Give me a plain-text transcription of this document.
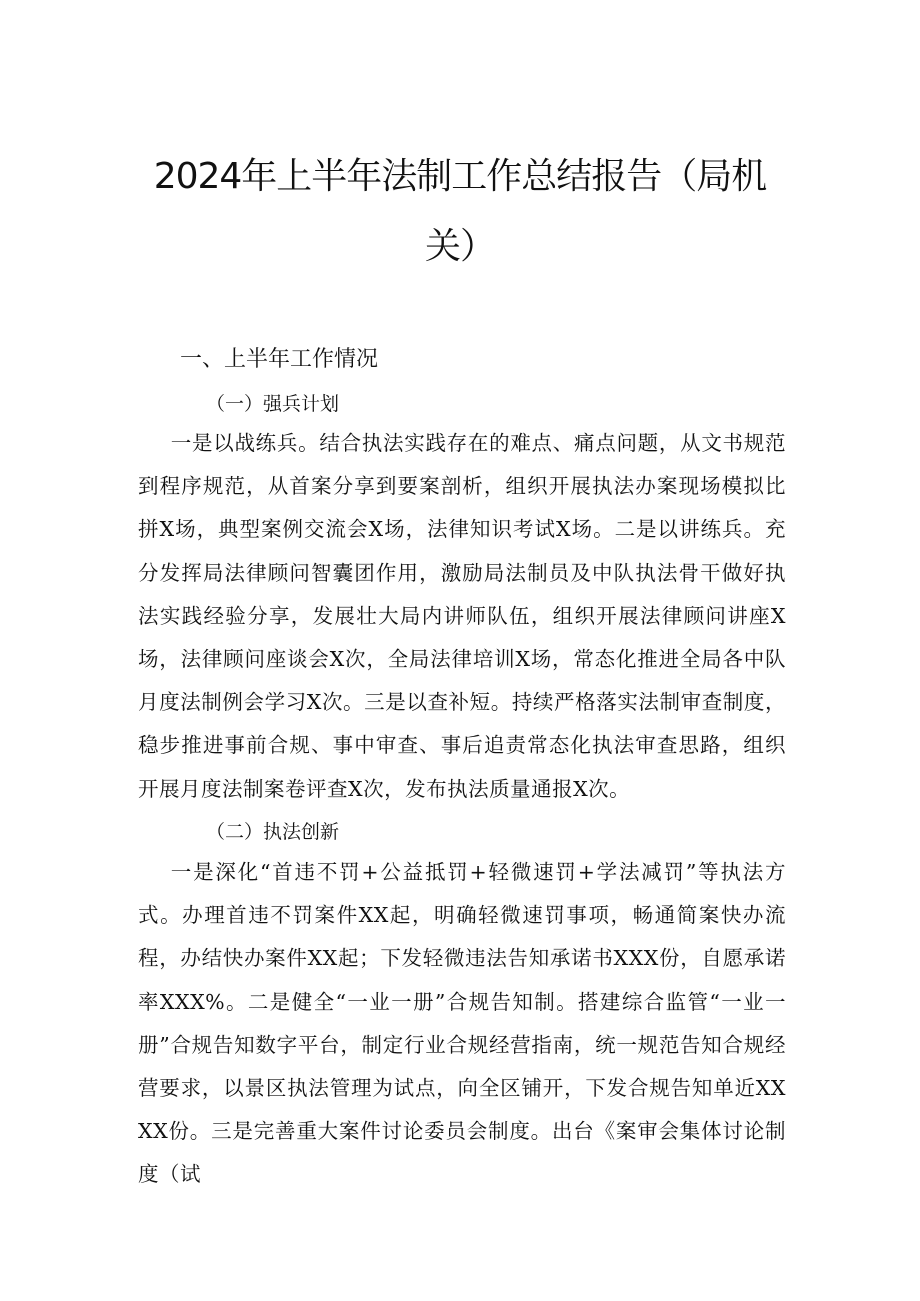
2024年上半年法制工作总结报告（局机关）
一、上半年工作情况
（一）强兵计划

一是以战练兵。结合执法实践存在的难点、痛点问题，从文书规范到程序规范，从首案分享到要案剖析，组织开展执法办案现场模拟比拼X场，典型案例交流会X场，法律知识考试X场。二是以讲练兵。充分发挥局法律顾问智囊团作用，激励局法制员及中队执法骨干做好执法实践经验分享，发展壮大局内讲师队伍，组织开展法律顾问讲座X场，法律顾问座谈会X次，全局法律培训X场，常态化推进全局各中队月度法制例会学习X次。三是以查补短。持续严格落实法制审查制度，稳步推进事前合规、事中审查、事后追责常态化执法审查思路，组织开展月度法制案卷评查X次，发布执法质量通报X次。

（二）执法创新

一是深化“首违不罚+公益抵罚+轻微速罚+学法减罚”等执法方式。办理首违不罚案件XX起，明确轻微速罚事项，畅通简案快办流程，办结快办案件XX起；下发轻微违法告知承诺书XXX份，自愿承诺率XXX%。二是健全“一业一册”合规告知制。搭建综合监管“一业一册”合规告知数字平台，制定行业合规经营指南，统一规范告知合规经营要求，以景区执法管理为试点，向全区铺开，下发合规告知单近XXXX份。三是完善重大案件讨论委员会制度。出台《案审会集体讨论制度（试
